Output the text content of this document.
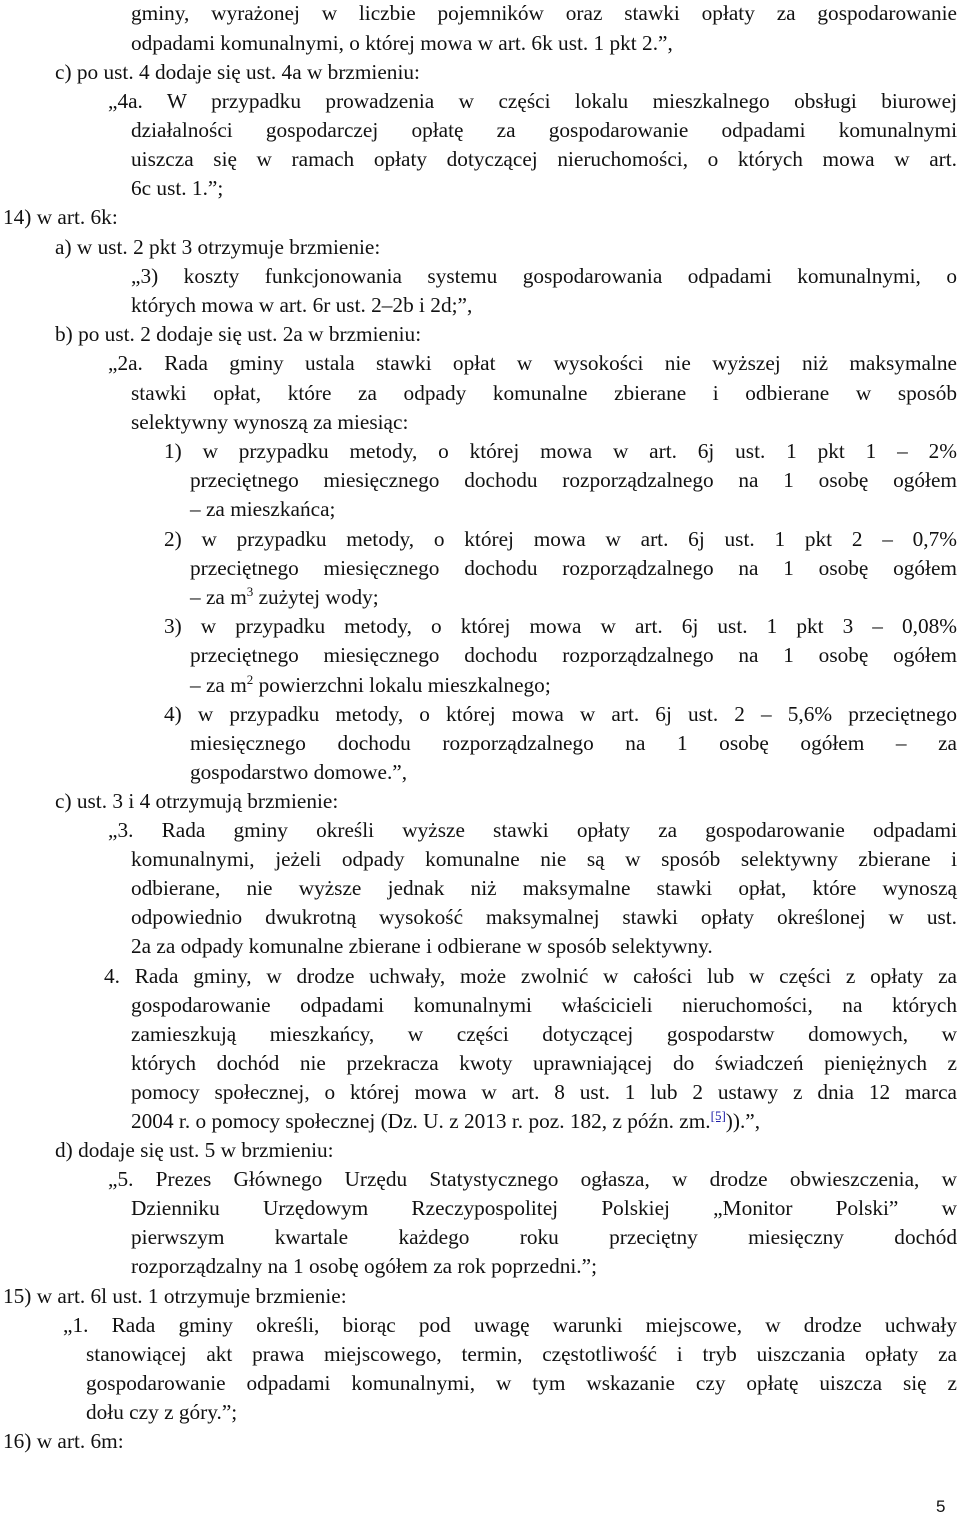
5
gminy, wyrażonej w liczbie pojemników oraz stawki opłaty za gospodarowanie
odpadami komunalnymi, o której mowa w art. 6k ust. 1 pkt 2.”,
c) po ust. 4 dodaje się ust. 4a w brzmieniu:
„4a. W przypadku prowadzenia w części lokalu mieszkalnego obsługi biurowej
działalności gospodarczej opłatę za gospodarowanie odpadami komunalnymi
uiszcza się w ramach opłaty dotyczącej nieruchomości, o których mowa w art.
6c ust. 1.”;
14) w art. 6k:
a) w ust. 2 pkt 3 otrzymuje brzmienie:
„3) koszty funkcjonowania systemu gospodarowania odpadami komunalnymi, o
których mowa w art. 6r ust. 2–2b i 2d;”,
b) po ust. 2 dodaje się ust. 2a w brzmieniu:
„2a. Rada gminy ustala stawki opłat w wysokości nie wyższej niż maksymalne
stawki opłat, które za odpady komunalne zbierane i odbierane w sposób
selektywny wynoszą za miesiąc:
1) w przypadku metody, o której mowa w art. 6j ust. 1 pkt 1 – 2%
przeciętnego miesięcznego dochodu rozporządzalnego na 1 osobę ogółem
– za mieszkańca;
2) w przypadku metody, o której mowa w art. 6j ust. 1 pkt 2 – 0,7%
przeciętnego miesięcznego dochodu rozporządzalnego na 1 osobę ogółem
– za $m^3$ zużytej wody;
3) w przypadku metody, o której mowa w art. 6j ust. 1 pkt 3 – 0,08%
przeciętnego miesięcznego dochodu rozporządzalnego na 1 osobę ogółem
– za $m^2$ powierzchni lokalu mieszkalnego;
4) w przypadku metody, o której mowa w art. 6j ust. 2 – 5,6% przeciętnego
miesięcznego dochodu rozporządzalnego na 1 osobę ogółem – za
gospodarstwo domowe.”,
c) ust. 3 i 4 otrzymują brzmienie:
„3. Rada gminy określi wyższe stawki opłaty za gospodarowanie odpadami
komunalnymi, jeżeli odpady komunalne nie są w sposób selektywny zbierane i
odbierane, nie wyższe jednak niż maksymalne stawki opłat, które wynoszą
odpowiednio dwukrotną wysokość maksymalnej stawki opłaty określonej w ust.
2a za odpady komunalne zbierane i odbierane w sposób selektywny.
4. Rada gminy, w drodze uchwały, może zwolnić w całości lub w części z opłaty za
gospodarowanie odpadami komunalnymi właścicieli nieruchomości, na których
zamieszkują mieszkańcy, w części dotyczącej gospodarstw domowych, w
których dochód nie przekracza kwoty uprawniającej do świadczeń pieniężnych z
pomocy społecznej, o której mowa w art. 8 ust. 1 lub 2 ustawy z dnia 12 marca
2004 r. o pomocy społecznej (Dz. U. z 2013 r. poz. 182, z późn. zm.[5])).”,
d) dodaje się ust. 5 w brzmieniu:
„5. Prezes Głównego Urzędu Statystycznego ogłasza, w drodze obwieszczenia, w
Dzienniku Urzędowym Rzeczypospolitej Polskiej „Monitor Polski” w
pierwszym kwartale każdego roku przeciętny miesięczny dochód
rozporządzalny na 1 osobę ogółem za rok poprzedni.”;
15) w art. 6l ust. 1 otrzymuje brzmienie:
„1. Rada gminy określi, biorąc pod uwagę warunki miejscowe, w drodze uchwały
stanowiącej akt prawa miejscowego, termin, częstotliwość i tryb uiszczania opłaty za
gospodarowanie odpadami komunalnymi, w tym wskazanie czy opłatę uiszcza się z
dołu czy z góry.”;
16) w art. 6m:
